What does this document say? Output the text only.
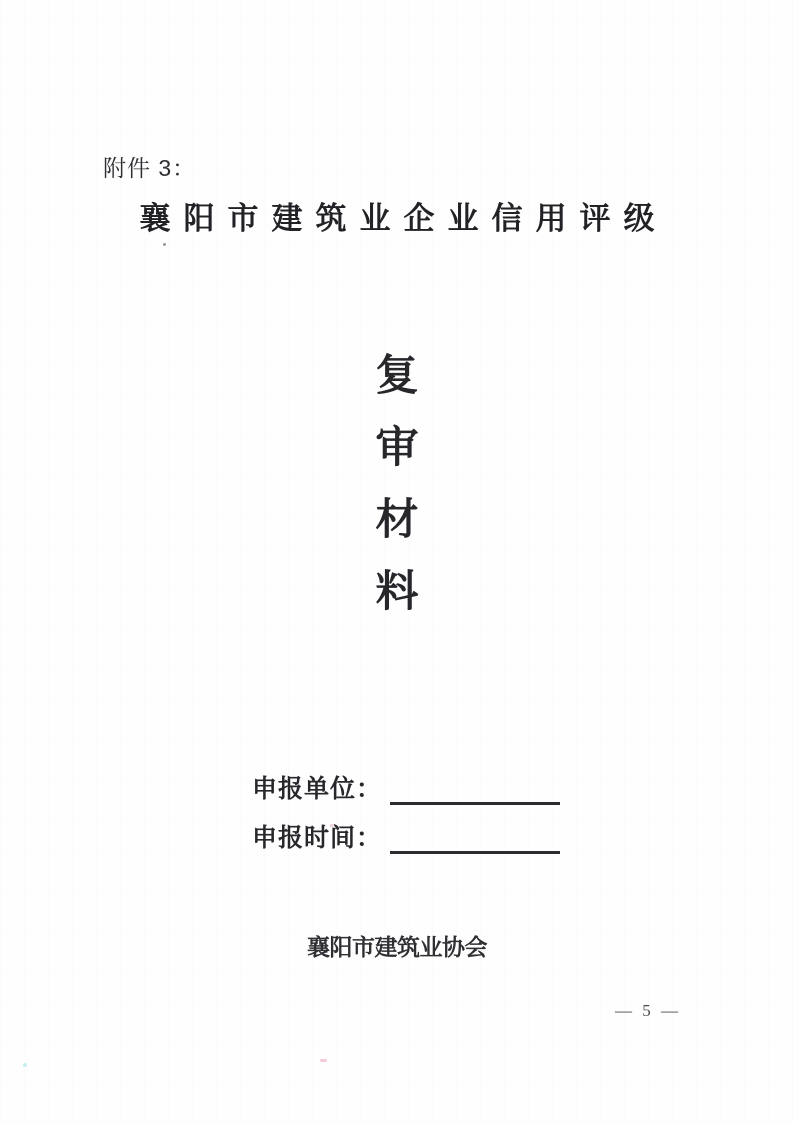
附件 3：
襄阳市建筑业企业信用评级
复
审
材
料
申报单位：
申报时间：
襄阳市建筑业协会
— 5 —
